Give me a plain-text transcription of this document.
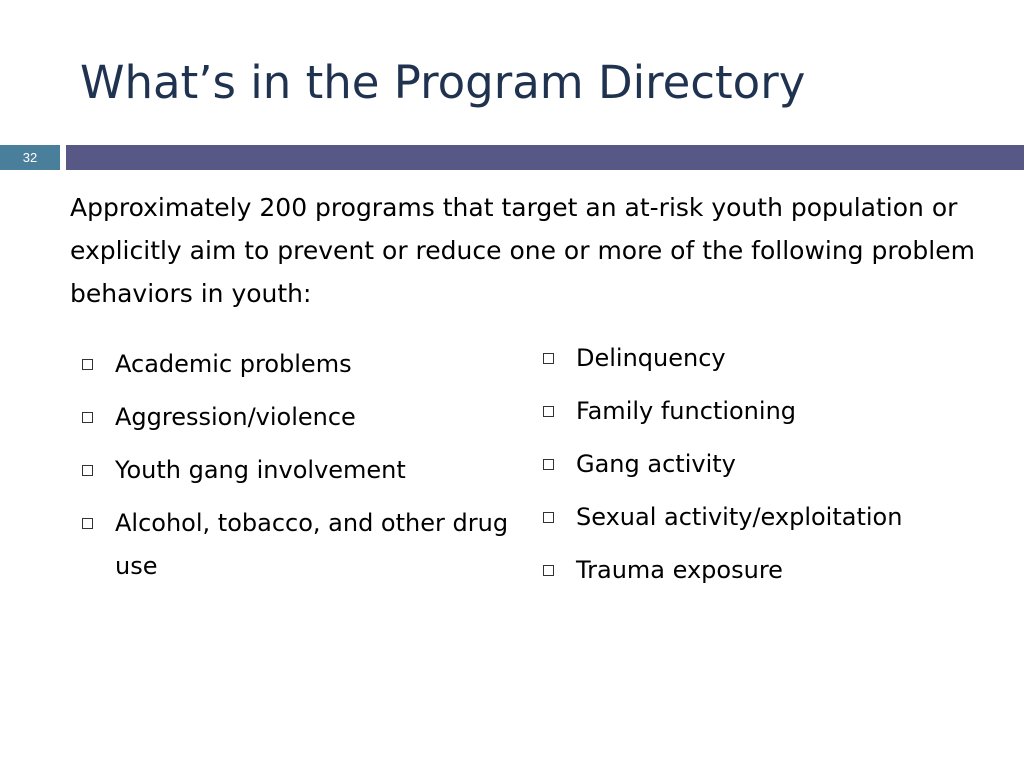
What’s in the Program Directory
32

Approximately 200 programs that target an at-risk youth population or explicitly aim to prevent or reduce one or more of the following problem behaviors in youth:

Academic problems
Aggression/violence
Youth gang involvement
Alcohol, tobacco, and other drug use
Delinquency
Family functioning
Gang activity
Sexual activity/exploitation
Trauma exposure
